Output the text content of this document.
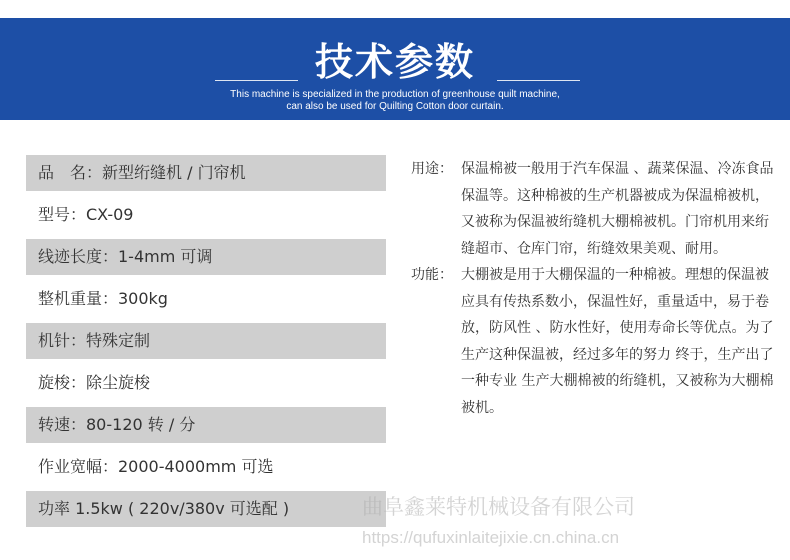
技术参数
This machine is specialized in the production of greenhouse quilt machine,
can also be used for Quilting Cotton door curtain.
品　名：新型绗缝机 / 门帘机
型号：CX-09
线迹长度：1-4mm 可调
整机重量：300kg
机针：特殊定制
旋梭：除尘旋梭
转速：80-120 转 / 分
作业宽幅：2000-4000mm 可选
功率 1.5kw ( 220v/380v 可选配 )
用途： 保温棉被一般用于汽车保温 、蔬菜保温、冷冻食品保温等。这种棉被的生产机器被成为保温棉被机，又被称为保温被绗缝机大棚棉被机。门帘机用来绗缝超市、仓库门帘，绗缝效果美观、耐用。
功能： 大棚被是用于大棚保温的一种棉被。理想的保温被应具有传热系数小，保温性好，重量适中，易于卷放，防风性 、防水性好，使用寿命长等优点。为了生产这种保温被，经过多年的努力 终于，生产出了一种专业 生产大棚棉被的绗缝机，又被称为大棚棉被机。
曲阜鑫莱特机械设备有限公司
https://qufuxinlaitejixie.cn.china.cn
